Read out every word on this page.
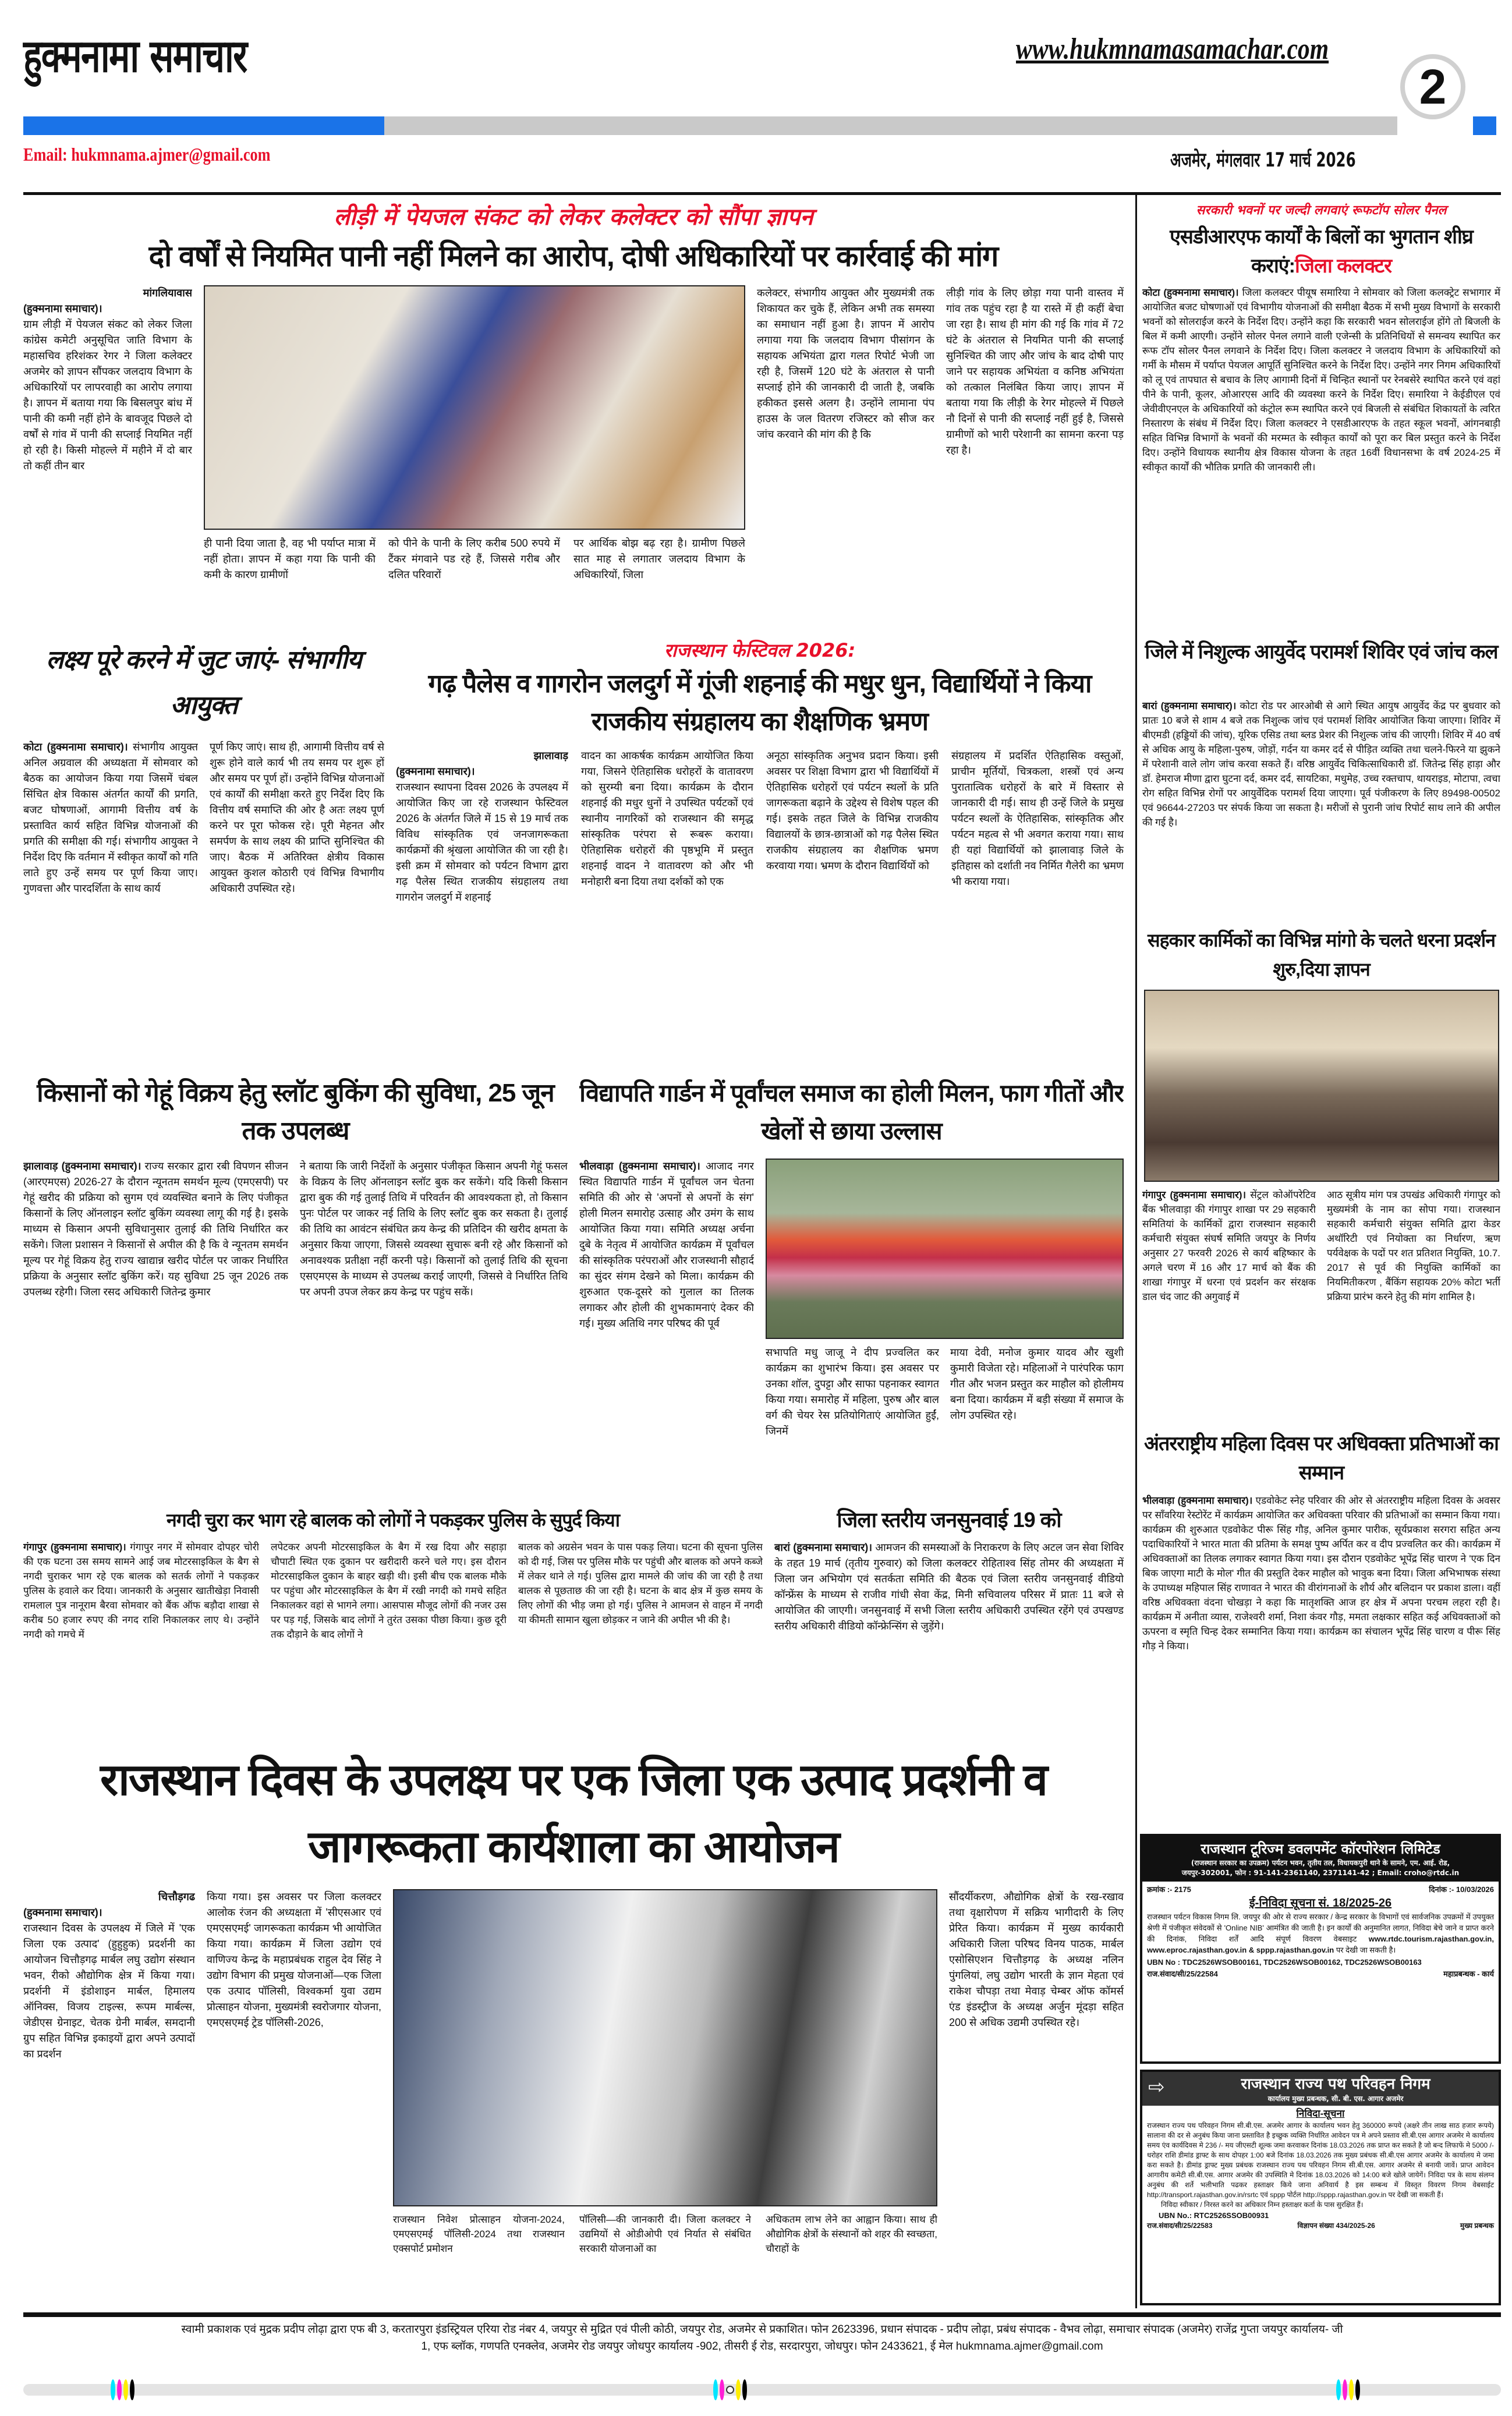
हुक्मनामा समाचार	www.hukmnamasamachar.com
2
Email: hukmnama.ajmer@gmail.com	अजमेर, मंगलवार 17 मार्च 2026
लीड़ी में पेयजल संकट को लेकर कलेक्टर को सौंपा ज्ञापन
दो वर्षों से नियमित पानी नहीं मिलने का आरोप, दोषी अधिकारियों पर कार्रवाई की मांग
मांगलियावास
(हुक्मनामा समाचार)।
ग्राम लीड़ी में पेयजल संकट को लेकर जिला कांग्रेस कमेटी अनुसूचित जाति विभाग के महासचिव हरिशंकर रेगर ने जिला कलेक्टर अजमेर को ज्ञापन सौंपकर जलदाय विभाग के अधिकारियों पर लापरवाही का आरोप लगाया है। ज्ञापन में बताया गया कि बिसलपुर बांध में पानी की कमी नहीं होने के बावजूद पिछले दो वर्षों से गांव में पानी की सप्लाई नियमित नहीं हो रही है। किसी मोहल्ले में महीने में दो बार तो कहीं तीन बार
ही पानी दिया जाता है, वह भी पर्याप्त मात्रा में नहीं होता। ज्ञापन में कहा गया कि पानी की कमी के कारण ग्रामीणों
को पीने के पानी के लिए करीब 500 रुपये में टैंकर मंगवाने पड रहे हैं, जिससे गरीब और दलित परिवारों
पर आर्थिक बोझ बढ़ रहा है। ग्रामीण पिछले सात माह से लगातार जलदाय विभाग के अधिकारियों, जिला
कलेक्टर, संभागीय आयुक्त और मुख्यमंत्री तक शिकायत कर चुके हैं, लेकिन अभी तक समस्या का समाधान नहीं हुआ है। ज्ञापन में आरोप लगाया गया कि जलदाय विभाग पीसांगन के सहायक अभियंता द्वारा गलत रिपोर्ट भेजी जा रही है, जिसमें 120 घंटे के अंतराल से पानी सप्लाई होने की जानकारी दी जाती है, जबकि हकीकत इससे अलग है। उन्होंने लामाना पंप हाउस के जल वितरण रजिस्टर को सीज कर जांच करवाने की मांग की है कि
लीड़ी गांव के लिए छोड़ा गया पानी वास्तव में गांव तक पहुंच रहा है या रास्ते में ही कहीं बेचा जा रहा है। साथ ही मांग की गई कि गांव में 72 घंटे के अंतराल से नियमित पानी की सप्लाई सुनिश्चित की जाए और जांच के बाद दोषी पाए जाने पर सहायक अभियंता व कनिष्ठ अभियंता को तत्काल निलंबित किया जाए। ज्ञापन में बताया गया कि लीड़ी के रेगर मोहल्ले में पिछले नौ दिनों से पानी की सप्लाई नहीं हुई है, जिससे ग्रामीणों को भारी परेशानी का सामना करना पड़ रहा है।
सरकारी भवनों पर जल्दी लगवाएं रूफटॉप सोलर पैनल
एसडीआरएफ कार्यों के बिलों का भुगतान शीघ्र कराएं:जिला कलक्टर
कोटा (हुक्मनामा समाचार)। जिला कलक्टर पीयूष समारिया ने सोमवार को जिला कलक्ट्रेट सभागार में आयोजित बजट घोषणाओं एवं विभागीय योजनाओं की समीक्षा बैठक में सभी मुख्य विभागों के सरकारी भवनों को सोलराईज करने के निर्देश दिए। उन्होंने कहा कि सरकारी भवन सोलराईज होंगे तो बिजली के बिल में कमी आएगी। उन्होंने सोलर पेनल लगाने वाली एजेन्सी के प्रतिनिधियों से समन्वय स्थापित कर रूफ टॉप सोलर पैनल लगवाने के निर्देश दिए। जिला कलक्टर ने जलदाय विभाग के अधिकारियों को गर्मी के मौसम में पर्याप्त पेयजल आपूर्ति सुनिश्चित करने के निर्देश दिए। उन्होंने नगर निगम अधिकारियों को लू एवं तापघात से बचाव के लिए आगामी दिनों में चिन्हित स्थानों पर रेनबसेरे स्थापित करने एवं वहां पीने के पानी, कूलर, ओआरएस आदि की व्यवस्था करने के निर्देश दिए। समारिया ने केईडीएल एवं जेवीवीएनएल के अधिकारियों को कंट्रोल रूम स्थापित करने एवं बिजली से संबंधित शिकायतों के त्वरित निस्तारण के संबंध में निर्देश दिए। जिला कलक्टर ने एसडीआरएफ के तहत स्कूल भवनों, आंगनबाड़ी सहित विभिन्न विभागों के भवनों की मरम्मत के स्वीकृत कार्यों को पूरा कर बिल प्रस्तुत करने के निर्देश दिए। उन्होंने विधायक स्थानीय क्षेत्र विकास योजना के तहत 16वीं विधानसभा के वर्ष 2024-25 में स्वीकृत कार्यों की भौतिक प्रगति की जानकारी ली।
लक्ष्य पूरे करने में जुट जाएं- संभागीय आयुक्त
कोटा (हुक्मनामा समाचार)। संभागीय आयुक्त अनिल अग्रवाल की अध्यक्षता में सोमवार को बैठक का आयोजन किया गया जिसमें चंबल सिंचित क्षेत्र विकास अंतर्गत कार्यों की प्रगति, बजट घोषणाओं, आगामी वित्तीय वर्ष के प्रस्तावित कार्य सहित विभिन्न योजनाओं की प्रगति की समीक्षा की गई। संभागीय आयुक्त ने निर्देश दिए कि वर्तमान में स्वीकृत कार्यों को गति लाते हुए उन्हें समय पर पूर्ण किया जाए। गुणवत्ता और पारदर्शिता के साथ कार्य
पूर्ण किए जाएं। साथ ही, आगामी वित्तीय वर्ष से शुरू होने वाले कार्य भी तय समय पर शुरू हों और समय पर पूर्ण हों। उन्होंने विभिन्न योजनाओं एवं कार्यों की समीक्षा करते हुए निर्देश दिए कि वित्तीय वर्ष समाप्ति की ओर है अतः लक्ष्य पूर्ण करने पर पूरा फोकस रहे। पूरी मेहनत और समर्पण के साथ लक्ष्य की प्राप्ति सुनिश्चित की जाए। बैठक में अतिरिक्त क्षेत्रीय विकास आयुक्त कुशल कोठारी एवं विभिन्न विभागीय अधिकारी उपस्थित रहे।
राजस्थान फेस्टिवल 2026:
गढ़ पैलेस व गागरोन जलदुर्ग में गूंजी शहनाई की मधुर धुन, विद्यार्थियों ने किया राजकीय संग्रहालय का शैक्षणिक भ्रमण
झालावाड़
(हुक्मनामा समाचार)।
राजस्थान स्थापना दिवस 2026 के उपलक्ष्य में आयोजित किए जा रहे राजस्थान फेस्टिवल 2026 के अंतर्गत जिले में 15 से 19 मार्च तक विविध सांस्कृतिक एवं जनजागरूकता कार्यक्रमों की श्रृंखला आयोजित की जा रही है। इसी क्रम में सोमवार को पर्यटन विभाग द्वारा गढ़ पैलेस स्थित राजकीय संग्रहालय तथा गागरोन जलदुर्ग में शहनाई
वादन का आकर्षक कार्यक्रम आयोजित किया गया, जिसने ऐतिहासिक धरोहरों के वातावरण को सुरम्यी बना दिया। कार्यक्रम के दौरान शहनाई की मधुर धुनों ने उपस्थित पर्यटकों एवं स्थानीय नागरिकों को राजस्थान की समृद्ध सांस्कृतिक परंपरा से रूबरू कराया। ऐतिहासिक धरोहरों की पृष्ठभूमि में प्रस्तुत शहनाई वादन ने वातावरण को और भी मनोहारी बना दिया तथा दर्शकों को एक
अनूठा सांस्कृतिक अनुभव प्रदान किया। इसी अवसर पर शिक्षा विभाग द्वारा भी विद्यार्थियों में ऐतिहासिक धरोहरों एवं पर्यटन स्थलों के प्रति जागरूकता बढ़ाने के उद्देश्य से विशेष पहल की गई। इसके तहत जिले के विभिन्न राजकीय विद्यालयों के छात्र-छात्राओं को गढ़ पैलेस स्थित राजकीय संग्रहालय का शैक्षणिक भ्रमण करवाया गया। भ्रमण के दौरान विद्यार्थियों को
संग्रहालय में प्रदर्शित ऐतिहासिक वस्तुओं, प्राचीन मूर्तियों, चित्रकला, शस्त्रों एवं अन्य पुरातात्विक धरोहरों के बारे में विस्तार से जानकारी दी गई। साथ ही उन्हें जिले के प्रमुख पर्यटन स्थलों के ऐतिहासिक, सांस्कृतिक और पर्यटन महत्व से भी अवगत कराया गया। साथ ही यहां विद्यार्थियों को झालावाड़ जिले के इतिहास को दर्शाती नव निर्मित गैलेरी का भ्रमण भी कराया गया।
जिले में निशुल्क आयुर्वेद परामर्श शिविर एवं जांच कल
बारां (हुक्मनामा समाचार)। कोटा रोड पर आरओबी से आगे स्थित आयुष आयुर्वेद केंद्र पर बुधवार को प्रातः 10 बजे से शाम 4 बजे तक निशुल्क जांच एवं परामर्श शिविर आयोजित किया जाएगा। शिविर में बीएमडी (हड्डियों की जांच), यूरिक एसिड तथा ब्लड प्रेशर की निशुल्क जांच की जाएगी। शिविर में 40 वर्ष से अधिक आयु के महिला-पुरुष, जोड़ों, गर्दन या कमर दर्द से पीड़ित व्यक्ति तथा चलने-फिरने या झुकने में परेशानी वाले लोग जांच करवा सकते हैं। वरिष्ठ आयुर्वेद चिकित्साधिकारी डॉ. जितेन्द्र सिंह हाड़ा और डॉ. हेमराज मीणा द्वारा घुटना दर्द, कमर दर्द, सायटिका, मधुमेह, उच्च रक्तचाप, थायराइड, मोटापा, त्वचा रोग सहित विभिन्न रोगों पर आयुर्वेदिक परामर्श दिया जाएगा। पूर्व पंजीकरण के लिए 89498-00502 एवं 96644-27203 पर संपर्क किया जा सकता है। मरीजों से पुरानी जांच रिपोर्ट साथ लाने की अपील की गई है।
सहकार कार्मिकों का विभिन्न मांगो के चलते धरना प्रदर्शन शुरु,दिया ज्ञापन
गंगापुर (हुक्मनामा समाचार)। सेंट्रल कोऑपरेटिव बैंक भीलवाड़ा की गंगापुर शाखा पर 29 सहकारी समितियां के कार्मिकों द्वारा राजस्थान सहकारी कर्मचारी संयुक्त संघर्ष समिति जयपुर के निर्णय अनुसार 27 फरवरी 2026 से कार्य बहिष्कार के अगले चरण में 16 और 17 मार्च को बैंक की शाखा गंगापुर में धरना एवं प्रदर्शन कर संरक्षक डाल चंद जाट की अगुवाई में
आठ सूत्रीय मांग पत्र उपखंड अधिकारी गंगापुर को मुख्यमंत्री के नाम का सोपा गया। राजस्थान सहकारी कर्मचारी संयुक्त समिति द्वारा केडर अथॉरिटी एवं नियोक्ता का निर्धारण, ऋण पर्यवेक्षक के पदों पर शत प्रतिशत नियुक्ति, 10.7. 2017 से पूर्व की नियुक्ति कार्मिकों का नियमितीकरण , बैंकिंग सहायक 20% कोटा भर्ती प्रक्रिया प्रारंभ करने हेतु की मांग शामिल है।
किसानों को गेहूं विक्रय हेतु स्लॉट बुकिंग की सुविधा, 25 जून तक उपलब्ध
झालावाड़ (हुक्मनामा समाचार)। राज्य सरकार द्वारा रबी विपणन सीजन (आरएमएस) 2026-27 के दौरान न्यूनतम समर्थन मूल्य (एमएसपी) पर गेहूं खरीद की प्रक्रिया को सुगम एवं व्यवस्थित बनाने के लिए पंजीकृत किसानों के लिए ऑनलाइन स्लॉट बुकिंग व्यवस्था लागू की गई है। इसके माध्यम से किसान अपनी सुविधानुसार तुलाई की तिथि निर्धारित कर सकेंगे। जिला प्रशासन ने किसानों से अपील की है कि वे न्यूनतम समर्थन मूल्य पर गेहूं विक्रय हेतु राज्य खाद्यान्न खरीद पोर्टल पर जाकर निर्धारित प्रक्रिया के अनुसार स्लॉट बुकिंग करें। यह सुविधा 25 जून 2026 तक उपलब्ध रहेगी। जिला रसद अधिकारी जितेन्द्र कुमार
ने बताया कि जारी निर्देशों के अनुसार पंजीकृत किसान अपनी गेहूं फसल के विक्रय के लिए ऑनलाइन स्लॉट बुक कर सकेंगे। यदि किसी किसान द्वारा बुक की गई तुलाई तिथि में परिवर्तन की आवश्यकता हो, तो किसान पुनः पोर्टल पर जाकर नई तिथि के लिए स्लॉट बुक कर सकता है। तुलाई की तिथि का आवंटन संबंधित क्रय केन्द्र की प्रतिदिन की खरीद क्षमता के अनुसार किया जाएगा, जिससे व्यवस्था सुचारू बनी रहे और किसानों को अनावश्यक प्रतीक्षा नहीं करनी पड़े। किसानों को तुलाई तिथि की सूचना एसएमएस के माध्यम से उपलब्ध कराई जाएगी, जिससे वे निर्धारित तिथि पर अपनी उपज लेकर क्रय केन्द्र पर पहुंच सकें।
विद्यापति गार्डन में पूर्वांचल समाज का होली मिलन, फाग गीतों और खेलों से छाया उल्लास
भीलवाड़ा (हुक्मनामा समाचार)। आजाद नगर स्थित विद्यापति गार्डन में पूर्वांचल जन चेतना समिति की ओर से 'अपनों से अपनों के संग' होली मिलन समारोह उत्साह और उमंग के साथ आयोजित किया गया। समिति अध्यक्ष अर्चना दुबे के नेतृत्व में आयोजित कार्यक्रम में पूर्वांचल की सांस्कृतिक परंपराओं और राजस्थानी सौहार्द का सुंदर संगम देखने को मिला। कार्यक्रम की शुरुआत एक-दूसरे को गुलाल का तिलक लगाकर और होली की शुभकामनाएं देकर की गई। मुख्य अतिथि नगर परिषद की पूर्व
सभापति मधु जाजू ने दीप प्रज्वलित कर कार्यक्रम का शुभारंभ किया। इस अवसर पर उनका शॉल, दुपट्टा और साफा पहनाकर स्वागत किया गया। समारोह में महिला, पुरुष और बाल वर्ग की चेयर रेस प्रतियोगिताएं आयोजित हुईं, जिनमें
माया देवी, मनोज कुमार यादव और खुशी कुमारी विजेता रहे। महिलाओं ने पारंपरिक फाग गीत और भजन प्रस्तुत कर माहौल को होलीमय बना दिया। कार्यक्रम में बड़ी संख्या में समाज के लोग उपस्थित रहे।
नगदी चुरा कर भाग रहे बालक को लोगों ने पकड़कर पुलिस के सुपुर्द किया
गंगापुर (हुक्मनामा समाचार)। गंगापुर नगर में सोमवार दोपहर चोरी की एक घटना उस समय सामने आई जब मोटरसाइकिल के बैग से नगदी चुराकर भाग रहे एक बालक को सतर्क लोगों ने पकड़कर पुलिस के हवाले कर दिया। जानकारी के अनुसार खातीखेड़ा निवासी रामलाल पुत्र नानूराम बैरवा सोमवार को बैंक ऑफ बड़ौदा शाखा से करीब 50 हजार रुपए की नगद राशि निकालकर लाए थे। उन्होंने नगदी को गमचे में
लपेटकर अपनी मोटरसाइकिल के बैग में रख दिया और सहाड़ा चौपाटी स्थित एक दुकान पर खरीदारी करने चले गए। इस दौरान मोटरसाइकिल दुकान के बाहर खड़ी थी। इसी बीच एक बालक मौके पर पहुंचा और मोटरसाइकिल के बैग में रखी नगदी को गमचे सहित निकालकर वहां से भागने लगा। आसपास मौजूद लोगों की नजर उस पर पड़ गई, जिसके बाद लोगों ने तुरंत उसका पीछा किया। कुछ दूरी तक दौड़ाने के बाद लोगों ने
बालक को अग्रसेन भवन के पास पकड़ लिया। घटना की सूचना पुलिस को दी गई, जिस पर पुलिस मौके पर पहुंची और बालक को अपने कब्जे में लेकर थाने ले गई। पुलिस द्वारा मामले की जांच की जा रही है तथा बालक से पूछताछ की जा रही है। घटना के बाद क्षेत्र में कुछ समय के लिए लोगों की भीड़ जमा हो गई। पुलिस ने आमजन से वाहन में नगदी या कीमती सामान खुला छोड़कर न जाने की अपील भी की है।
जिला स्तरीय जनसुनवाई 19 को
बारां (हुक्मनामा समाचार)। आमजन की समस्याओं के निराकरण के लिए अटल जन सेवा शिविर के तहत 19 मार्च (तृतीय गुरुवार) को जिला कलक्टर रोहिताश्व सिंह तोमर की अध्यक्षता में जिला जन अभियोग एवं सतर्कता समिति की बैठक एवं जिला स्तरीय जनसुनवाई वीडियो कॉन्फ्रेंस के माध्यम से राजीव गांधी सेवा केंद्र, मिनी सचिवालय परिसर में प्रातः 11 बजे से आयोजित की जाएगी। जनसुनवाई में सभी जिला स्तरीय अधिकारी उपस्थित रहेंगे एवं उपखण्ड स्तरीय अधिकारी वीडियो कॉन्फ्रेन्सिंग से जुड़ेंगे।
अंतरराष्ट्रीय महिला दिवस पर अधिवक्ता प्रतिभाओं का सम्मान
भीलवाड़ा (हुक्मनामा समाचार)। एडवोकेट स्नेह परिवार की ओर से अंतरराष्ट्रीय महिला दिवस के अवसर पर साँवरिया रेस्टोरेंट में कार्यक्रम आयोजित कर अधिवक्ता परिवार की प्रतिभाओं का सम्मान किया गया। कार्यक्रम की शुरुआत एडवोकेट पीरू सिंह गौड़, अनिल कुमार पारीक, सूर्यप्रकाश सरगरा सहित अन्य पदाधिकारियों ने भारत माता की प्रतिमा के समक्ष पुष्प अर्पित कर व दीप प्रज्वलित कर की। कार्यक्रम में अधिवक्ताओं का तिलक लगाकर स्वागत किया गया। इस दौरान एडवोकेट भूपेंद्र सिंह चारण ने 'एक दिन बिक जाएगा माटी के मोल' गीत की प्रस्तुति देकर माहौल को भावुक बना दिया। जिला अभिभाषक संस्था के उपाध्यक्ष महिपाल सिंह राणावत ने भारत की वीरांगनाओं के शौर्य और बलिदान पर प्रकाश डाला। वहीं वरिष्ठ अधिवक्ता वंदना चोखड़ा ने कहा कि मातृशक्ति आज हर क्षेत्र में अपना परचम लहरा रही है। कार्यक्रम में अनीता व्यास, राजेश्वरी शर्मा, निशा कंवर गौड़, ममता लक्षकार सहित कई अधिवक्ताओं को ऊपरना व स्मृति चिन्ह देकर सम्मानित किया गया। कार्यक्रम का संचालन भूपेंद्र सिंह चारण व पीरू सिंह गौड़ ने किया।
राजस्थान दिवस के उपलक्ष्य पर एक जिला एक उत्पाद प्रदर्शनी व जागरूकता कार्यशाला का आयोजन
चित्तौड़गढ
(हुक्मनामा समाचार)।
राजस्थान दिवस के उपलक्ष्य में जिले में 'एक जिला एक उत्पाद' (हुहुहुक) प्रदर्शनी का आयोजन चित्तौड़गढ़ मार्बल लघु उद्योग संस्थान भवन, रीको औद्योगिक क्षेत्र में किया गया। प्रदर्शनी में इंडोशाइन मार्बल, हिमालय ऑनिक्स, विजय टाइल्स, रूपम मार्बल्स, जेडीएस ग्रेनाइट, चेतक ग्रेनी मार्बल, समदानी ग्रुप सहित विभिन्न इकाइयों द्वारा अपने उत्पादों का प्रदर्शन
किया गया। इस अवसर पर जिला कलक्टर आलोक रंजन की अध्यक्षता में 'सीएसआर एवं एमएसएमई' जागरूकता कार्यक्रम भी आयोजित किया गया। कार्यक्रम में जिला उद्योग एवं वाणिज्य केन्द्र के महाप्रबंधक राहुल देव सिंह ने उद्योग विभाग की प्रमुख योजनाओं—एक जिला एक उत्पाद पॉलिसी, विश्वकर्मा युवा उद्यम प्रोत्साहन योजना, मुख्यमंत्री स्वरोजगार योजना, एमएसएमई ट्रेड पॉलिसी-2026,
राजस्थान निवेश प्रोत्साहन योजना-2024, एमएसएमई पॉलिसी-2024 तथा राजस्थान एक्सपोर्ट प्रमोशन
पॉलिसी—की जानकारी दी। जिला कलक्टर ने उद्यमियों से ओडीओपी एवं निर्यात से संबंधित सरकारी योजनाओं का
अधिकतम लाभ लेने का आह्वान किया। साथ ही औद्योगिक क्षेत्रों के संस्थानों को शहर की स्वच्छता, चौराहों के
सौंदर्यीकरण, औद्योगिक क्षेत्रों के रख-रखाव तथा वृक्षारोपण में सक्रिय भागीदारी के लिए प्रेरित किया। कार्यक्रम में मुख्य कार्यकारी अधिकारी जिला परिषद विनय पाठक, मार्बल एसोसिएशन चित्तौड़गढ़ के अध्यक्ष नलिन पुंगलियां, लघु उद्योग भारती के ज्ञान मेहता एवं राकेश चौपड़ा तथा मेवाड़ चेम्बर ऑफ कॉमर्स एंड इंडस्ट्रीज के अध्यक्ष अर्जुन मूंदड़ा सहित 200 से अधिक उद्यमी उपस्थित रहे।
राजस्थान टूरिज्म डवलपमेंट कॉरपोरेशन लिमिटेड
(राजस्थान सरकार का उपक्रम) पर्यटन भवन, तृतीय तल, विधायकपुरी थाने के सामने, एम. आई. रोड,
जयपुर-302001, फोन : 91-141-2361140, 2371141-42 ; Email: croho@rtdc.in
क्रमांक :- 2175	दिनांक :- 10/03/2026
ई-निविदा सूचना सं. 18/2025-26
राजस्थान पर्यटन विकास निगम लि. जयपुर की ओर से राज्य सरकार / केन्द्र सरकार के विभागों एवं सार्वजनिक उपक्रमों में उपयुक्त श्रेणी में पंजीकृत संवेदकों से 'Online NIB' आमंत्रित की जाती है। इन कार्यों की अनुमानित लागत, निविदा बेचे जाने व प्राप्त करने की दिनांक, निविदा शर्तें आदि संपूर्ण विवरण वेबसाइट www.rtdc.tourism.rajasthan.gov.in, www.eproc.rajasthan.gov.in & sppp.rajasthan.gov.in पर देखी जा सकती है।
UBN No : TDC2526WSOB00161, TDC2526WSOB00162, TDC2526WSOB00163
राज.संवाद/सी/25/22584	महाप्रबन्धक - कार्य
⇨	राजस्थान राज्य पथ परिवहन निगम
कार्यालय मुख्य प्रबन्धक, सी. बी. एस. आगार अजमेर
निविदा-सूचना
राजस्थान राज्य पथ परिवहन निगम सी.बी.एस. अजमेर आगार के कार्यालय भवन हेतु 360000 रूपये (अक्षरे तीन लाख साठ हजार रूपये) सालाना की दर से अनुबंध किया जाना प्रस्तावित है इच्छुक व्यक्ति निर्धारित आवेदन पत्र मे अपने प्रस्ताव सी.बी.एस आगार अजमेर मे कार्यालय समय एंव कार्यदिवस मे 236 /- मय जीएसटी शूल्क जमा करवाकर दिनांक 18.03.2026 तक प्राप्त कर सकते है जो बन्द लिफाफें मे 5000 /- धरोहर राशि डीमांड ड्राफ्ट के साथ दोपहर 1:00 बजे दिनांक 18.03.2026 तक मुख्य प्रबंधक सी.बी.एस आगार अजमेर के कार्यालय मे जमा करा सकते है। डीमांड ड्राफ्ट मुख्य प्रबंधक राजस्थान राज्य पथ परिवहन निगम सी.बी.एस. आगार अजमेर से बनायी जावें। प्राप्त आवेदन आगारीय कमेटी सी.बी.एस. आगार अजमेर की उपस्थिति मे दिनांक 18.03.2026 को 14:00 बजे खोले जायेगें। निविदा पत्र के साथ संलग्न अनुबंध की शर्ते भलीभाति पढकर हस्ताक्षर किये जाना अनिवार्य है इस सम्बन्ध में विस्तृत विवरण निगम वेबसाईट http://transport.rajasthan.gov.in/rsrtc एवं sppp पोर्टल http://sppp.rajasthan.gov.in पर देखी जा सकती हैं।
निविदा स्वीकार / निरस्त करने का अधिकार निम्न हस्ताक्षर कर्ता के पास सुरक्षित हैं।
UBN No.: RTC2526SSOB00931
राज.संवाद/सी/25/22583	विज्ञापन संख्या 434/2025-26	मुख्य प्रबन्धक
स्वामी प्रकाशक एवं मुद्रक प्रदीप लोढ़ा द्वारा एफ बी 3, करतारपुरा इंडस्ट्रियल एरिया रोड नंबर 4, जयपुर से मुद्रित एवं पीली कोठी, जयपुर रोड, अजमेर से प्रकाशित। फोन 2623396, प्रधान संपादक - प्रदीप लोढ़ा, प्रबंध संपादक - वैभव लोढ़ा, समाचार संपादक (अजमेर) राजेंद्र गुप्ता जयपुर कार्यालय- जी
1, एफ ब्लॉक, गणपति एनक्लेव, अजमेर रोड जयपुर जोधपुर कार्यालय -902, तीसरी ई रोड, सरदारपुरा, जोधपुर। फोन 2433621, ई मेल hukmnama.ajmer@gmail.com
